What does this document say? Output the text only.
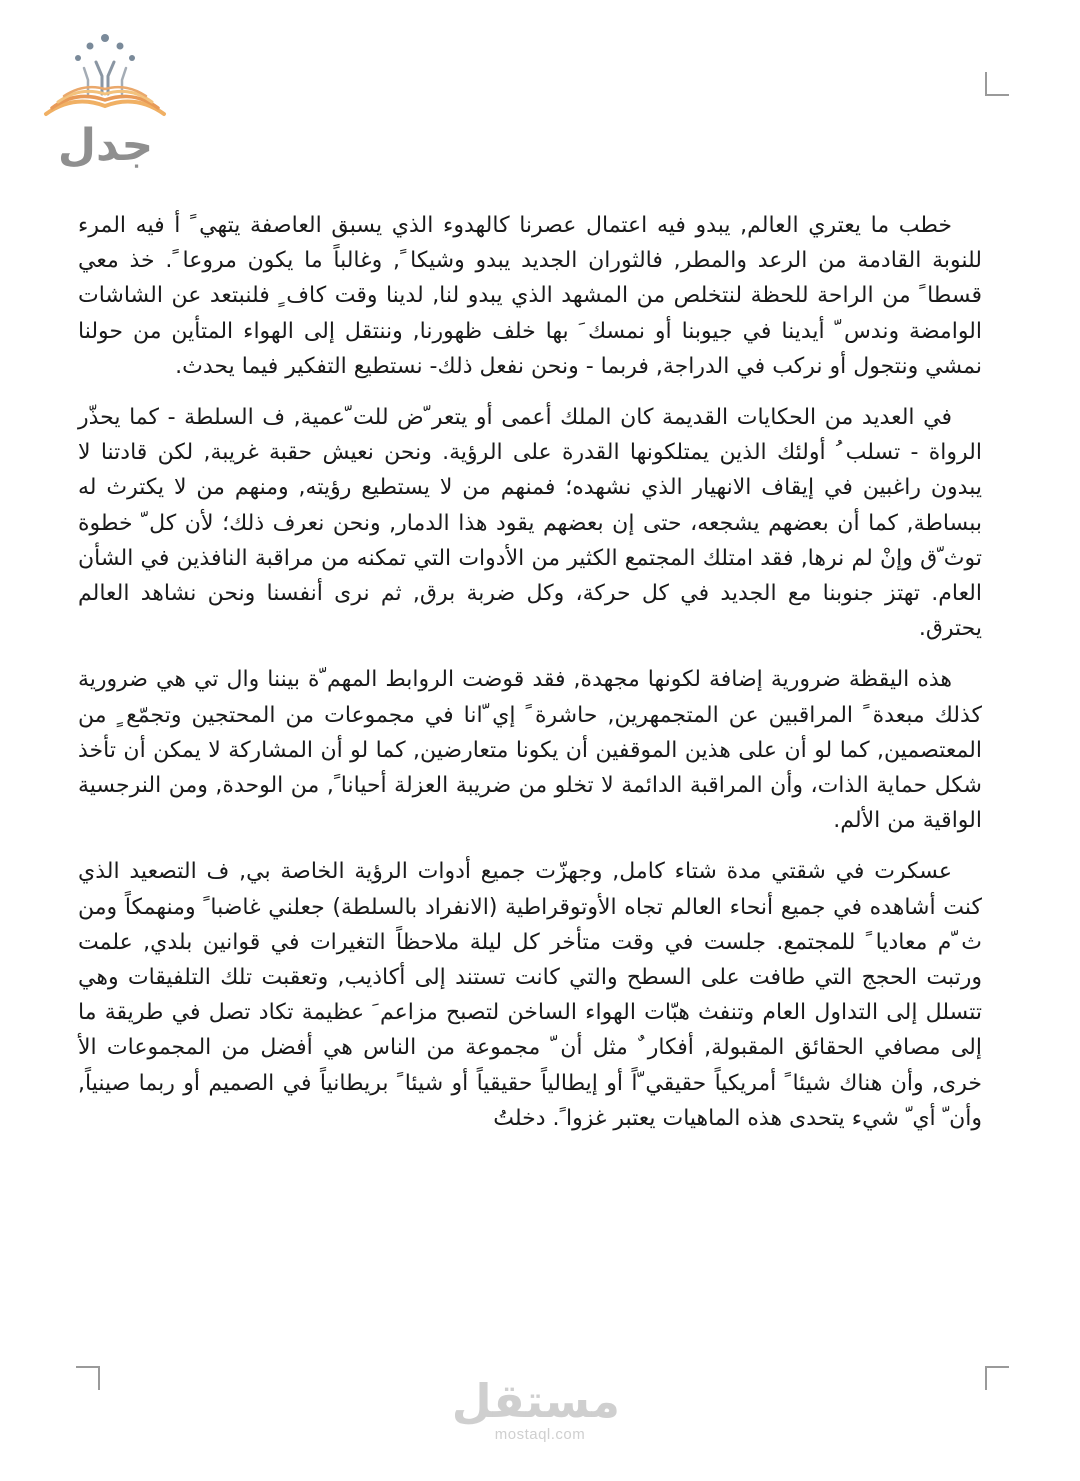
جدل

خطب ما يعتري العالم, يبدو فيه اعتمال عصرنا كالهدوء الذي يسبق العاصفة يتهي ً أ فيه المرء للنوبة القادمة من الرعد والمطر, فالثوران الجديد يبدو وشيكا ً, وغالباً ما يكون مروعا ً. خذ معي قسطا ً من الراحة للحظة لنتخلص من المشهد الذي يبدو لنا, لدينا وقت كاف ٍ فلنبتعد عن الشاشات الوامضة وندس ّ أيدينا في جيوبنا أو نمسك َ بها خلف ظهورنا, وننتقل إلى الهواء المتأين من حولنا نمشي ونتجول أو نركب في الدراجة, فربما - ونحن نفعل ذلك- نستطيع التفكير فيما يحدث.

في العديد من الحكايات القديمة كان الملك أعمى أو يتعر ّض للت ّعمية, ف السلطة - كما يحذّر الرواة - تسلب ُ أولئك الذين يمتلكونها القدرة على الرؤية. ونحن نعيش حقبة غريبة, لكن قادتنا لا يبدون راغبين في إيقاف الانهيار الذي نشهده؛ فمنهم من لا يستطيع رؤيته, ومنهم من لا يكترث له ببساطة, كما أن بعضهم يشجعه، حتى إن بعضهم يقود هذا الدمار, ونحن نعرف ذلك؛ لأن كل ّ خطوة توث ّق وإنْ لم نرها, فقد امتلك المجتمع الكثير من الأدوات التي تمكنه من مراقبة النافذين في الشأن العام. تهتز جنوبنا مع الجديد في كل حركة، وكل ضربة برق, ثم نرى أنفسنا ونحن نشاهد العالم يحترق.

هذه اليقظة ضرورية إضافة لكونها مجهدة, فقد قوضت الروابط المهم ّة بيننا وال تي هي ضرورية كذلك مبعدة ً المراقبين عن المتجمهرين, حاشرة ً إي ّانا في مجموعات من المحتجين وتجمّع ٍ من المعتصمين, كما لو أن على هذين الموقفين أن يكونا متعارضين, كما لو أن المشاركة لا يمكن أن تأخذ شكل حماية الذات، وأن المراقبة الدائمة لا تخلو من ضريبة العزلة أحيانا ً, من الوحدة, ومن النرجسية الواقية من الألم.

عسكرت في شقتي مدة شتاء كامل, وجهزّت جميع أدوات الرؤية الخاصة بي, ف التصعيد الذي كنت أشاهده في جميع أنحاء العالم تجاه الأوتوقراطية (الانفراد بالسلطة) جعلني غاضبا ً ومنهمكاً ومن ث ّم معاديا ً للمجتمع. جلست في وقت متأخر كل ليلة ملاحظاً التغيرات في قوانين بلدي, علمت ورتبت الحجج التي طافت على السطح والتي كانت تستند إلى أكاذيب, وتعقبت تلك التلفيقات وهي تتسلل إلى التداول العام وتنفث هبّات الهواء الساخن لتصبح مزاعم َ عظيمة تكاد تصل في طريقة ما إلى مصافي الحقائق المقبولة, أفكار ٌ مثل أن ّ مجموعة من الناس هي أفضل من المجموعات الأ خرى, وأن هناك شيئا ً أمريكياً حقيقي ّاً أو إيطالياً حقيقياً أو شيئا ً بريطانياً في الصميم أو ربما صينياً, وأن ّ أي ّ شيء يتحدى هذه الماهيات يعتبر غزوا ً. دخلتُ

مستقل
mostaql.com
